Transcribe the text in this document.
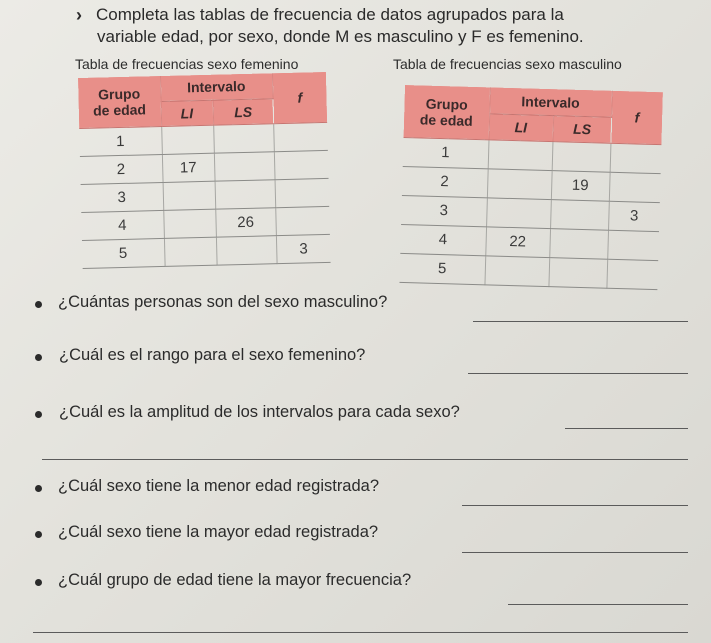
› Completa las tablas de frecuencia de datos agrupados para la
variable edad, por sexo, donde M es masculino y F es femenino.
Tabla de frecuencias sexo femenino	Tabla de frecuencias sexo masculino
Grupo
de edad	Intervalo		f
	LI	LS	
1			
2	17		
3			
4		26	
5			3
Grupo
de edad	Intervalo		f
	LI	LS	
1			
2		19	
3			3
4	22		
5			
¿Cuántas personas son del sexo masculino?
¿Cuál es el rango para el sexo femenino?
¿Cuál es la amplitud de los intervalos para cada sexo?
¿Cuál sexo tiene la menor edad registrada?
¿Cuál sexo tiene la mayor edad registrada?
¿Cuál grupo de edad tiene la mayor frecuencia?
